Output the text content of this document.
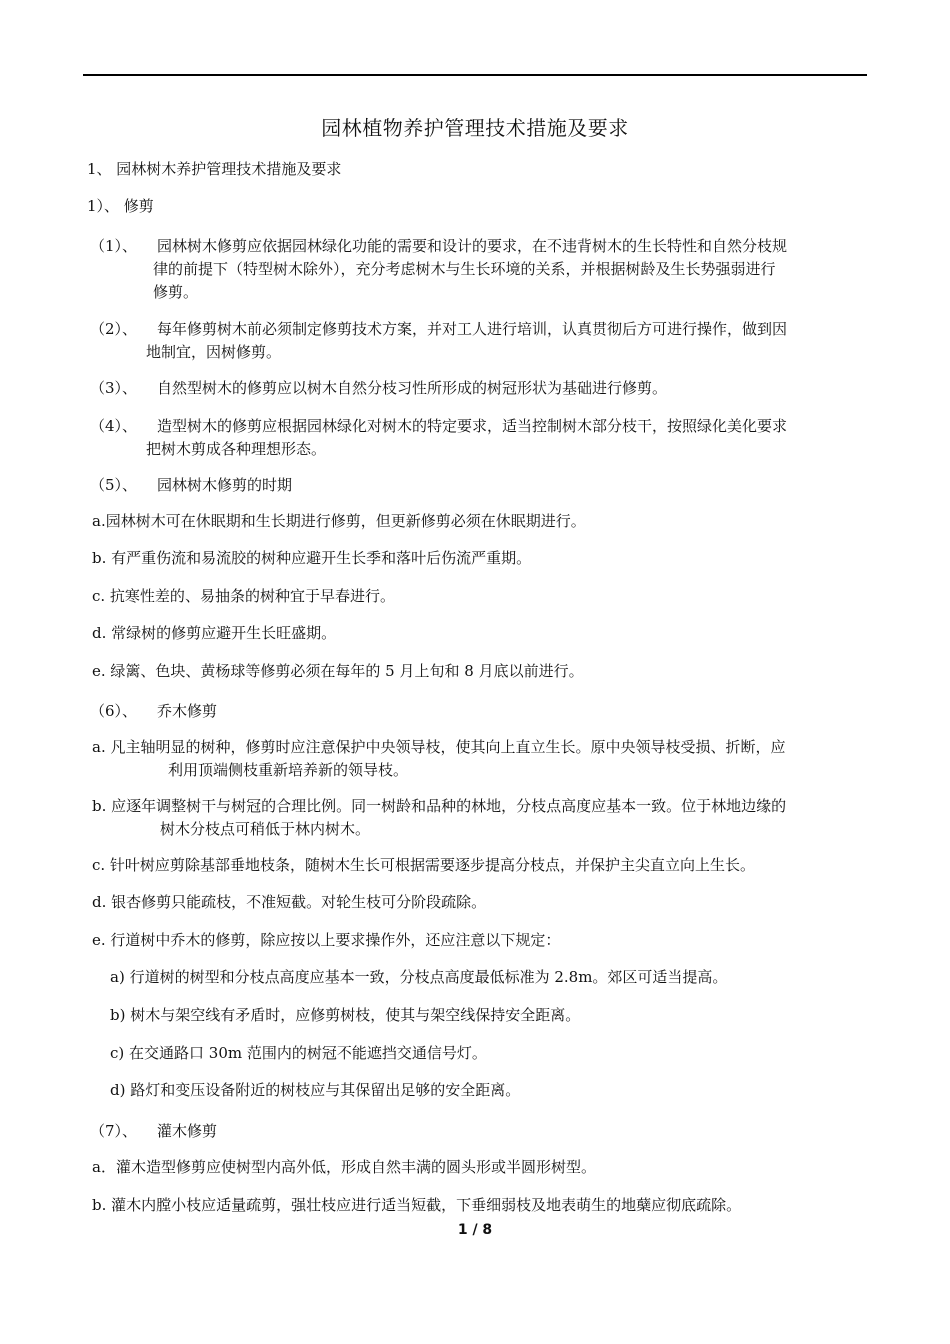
园林植物养护管理技术措施及要求
1、 园林树木养护管理技术措施及要求
1）、 修剪
（1）、 园林树木修剪应依据园林绿化功能的需要和设计的要求，在不违背树木的生长特性和自然分枝规
律的前提下（特型树木除外），充分考虑树木与生长环境的关系，并根据树龄及生长势强弱进行
修剪。
（2）、 每年修剪树木前必须制定修剪技术方案，并对工人进行培训，认真贯彻后方可进行操作，做到因
地制宜，因树修剪。
（3）、 自然型树木的修剪应以树木自然分枝习性所形成的树冠形状为基础进行修剪。
（4）、 造型树木的修剪应根据园林绿化对树木的特定要求，适当控制树木部分枝干，按照绿化美化要求
把树木剪成各种理想形态。
（5）、 园林树木修剪的时期
a.园林树木可在休眠期和生长期进行修剪，但更新修剪必须在休眠期进行。
b. 有严重伤流和易流胶的树种应避开生长季和落叶后伤流严重期。
c. 抗寒性差的、易抽条的树种宜于早春进行。
d. 常绿树的修剪应避开生长旺盛期。
e. 绿篱、色块、黄杨球等修剪必须在每年的 5 月上旬和 8 月底以前进行。
（6）、 乔木修剪
a. 凡主轴明显的树种，修剪时应注意保护中央领导枝，使其向上直立生长。原中央领导枝受损、折断，应
利用顶端侧枝重新培养新的领导枝。
b. 应逐年调整树干与树冠的合理比例。同一树龄和品种的林地，分枝点高度应基本一致。位于林地边缘的
树木分枝点可稍低于林内树木。
c. 针叶树应剪除基部垂地枝条，随树木生长可根据需要逐步提高分枝点，并保护主尖直立向上生长。
d. 银杏修剪只能疏枝，不准短截。对轮生枝可分阶段疏除。
e. 行道树中乔木的修剪，除应按以上要求操作外，还应注意以下规定：
a) 行道树的树型和分枝点高度应基本一致，分枝点高度最低标准为 2.8m。郊区可适当提高。
b) 树木与架空线有矛盾时，应修剪树枝，使其与架空线保持安全距离。
c) 在交通路口 30m 范围内的树冠不能遮挡交通信号灯。
d) 路灯和变压设备附近的树枝应与其保留出足够的安全距离。
（7）、 灌木修剪
a．灌木造型修剪应使树型内高外低，形成自然丰满的圆头形或半圆形树型。
b. 灌木内膛小枝应适量疏剪，强壮枝应进行适当短截，下垂细弱枝及地表萌生的地蘖应彻底疏除。
1 / 8
